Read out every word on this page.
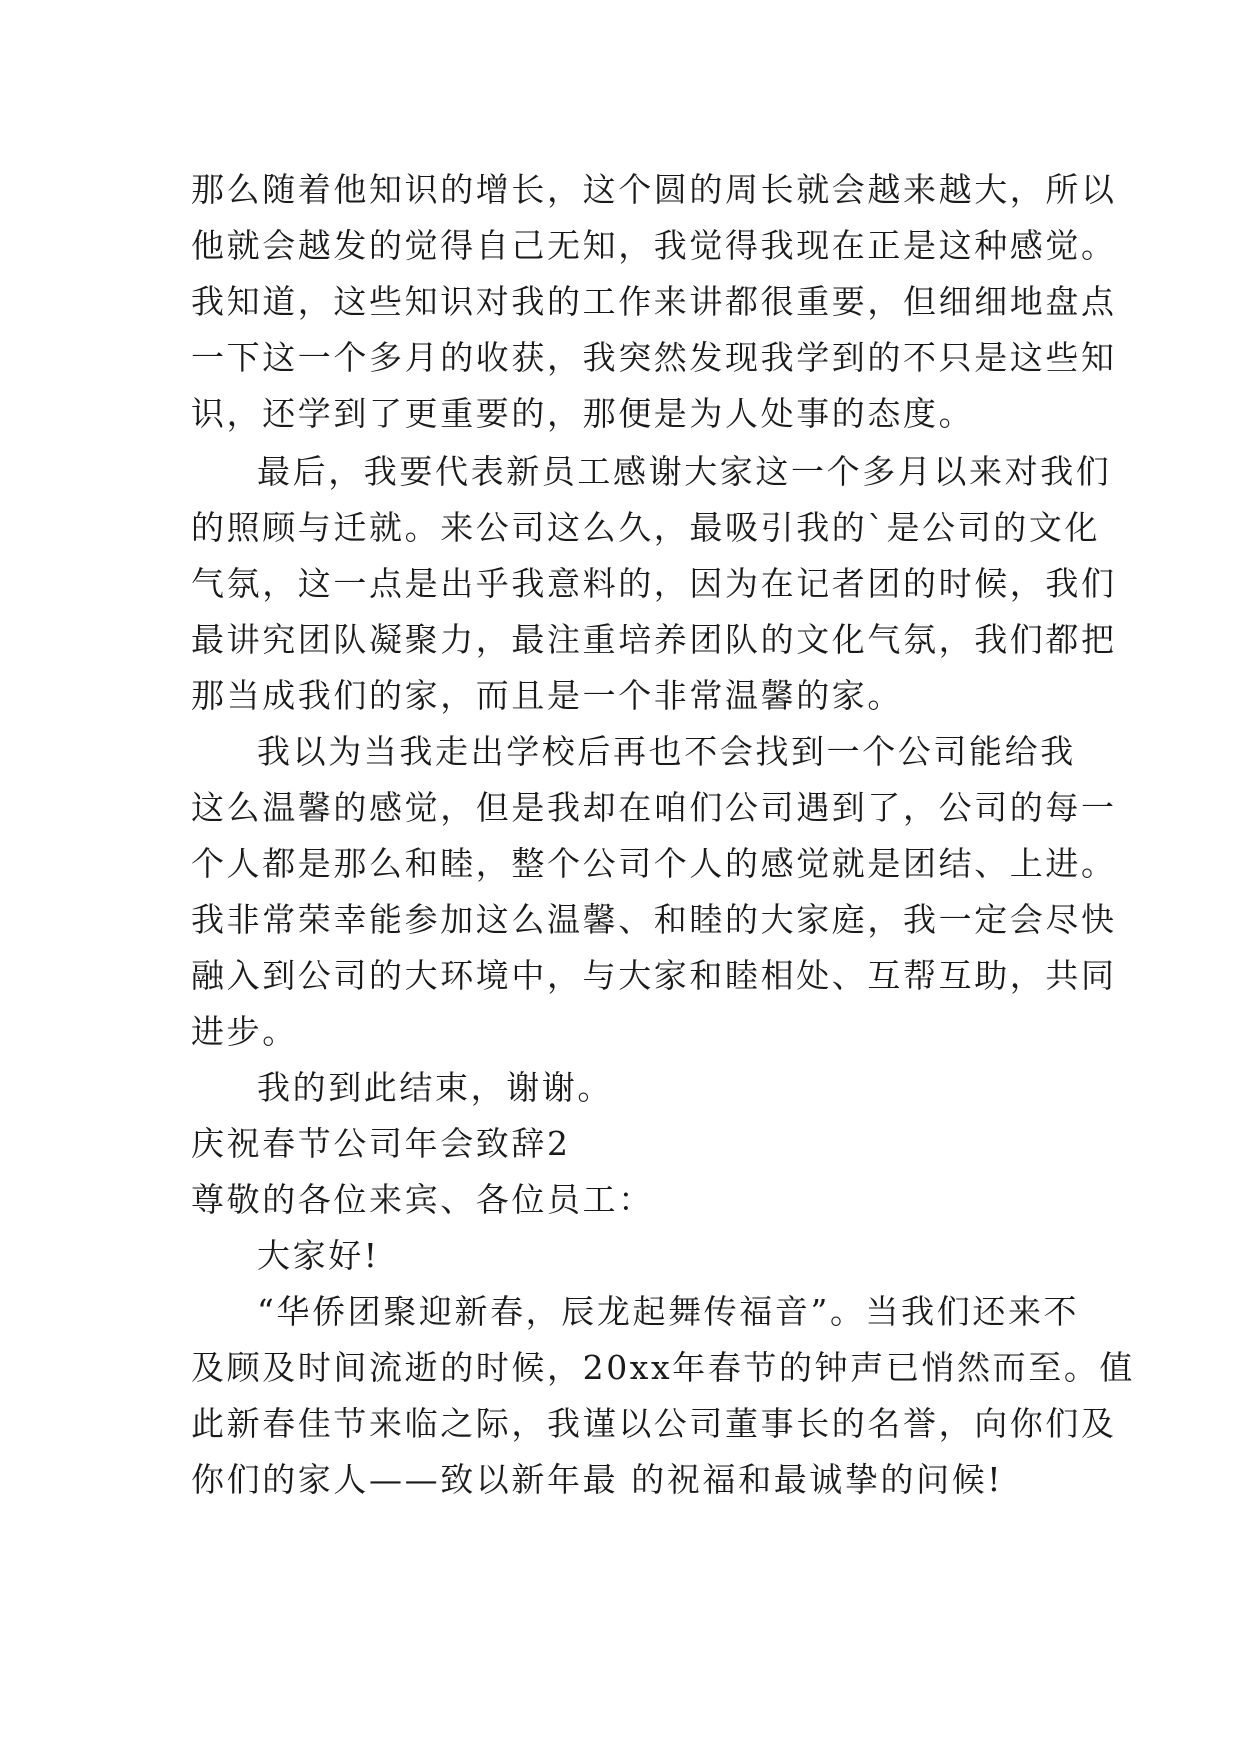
那么随着他知识的增长，这个圆的周长就会越来越大，所以
他就会越发的觉得自己无知，我觉得我现在正是这种感觉。
我知道，这些知识对我的工作来讲都很重要，但细细地盘点
一下这一个多月的收获，我突然发现我学到的不只是这些知
识，还学到了更重要的，那便是为人处事的态度。
最后，我要代表新员工感谢大家这一个多月以来对我们
的照顾与迁就。来公司这么久，最吸引我的`是公司的文化
气氛，这一点是出乎我意料的，因为在记者团的时候，我们
最讲究团队凝聚力，最注重培养团队的文化气氛，我们都把
那当成我们的家，而且是一个非常温馨的家。
我以为当我走出学校后再也不会找到一个公司能给我
这么温馨的感觉，但是我却在咱们公司遇到了，公司的每一
个人都是那么和睦，整个公司个人的感觉就是团结、上进。
我非常荣幸能参加这么温馨、和睦的大家庭，我一定会尽快
融入到公司的大环境中，与大家和睦相处、互帮互助，共同
进步。
我的到此结束，谢谢。
庆祝春节公司年会致辞2
尊敬的各位来宾、各位员工：
大家好!
“华侨团聚迎新春，辰龙起舞传福音”。当我们还来不
及顾及时间流逝的时候，20xx年春节的钟声已悄然而至。值
此新春佳节来临之际，我谨以公司董事长的名誉，向你们及
你们的家人——致以新年最 的祝福和最诚挚的问候!
